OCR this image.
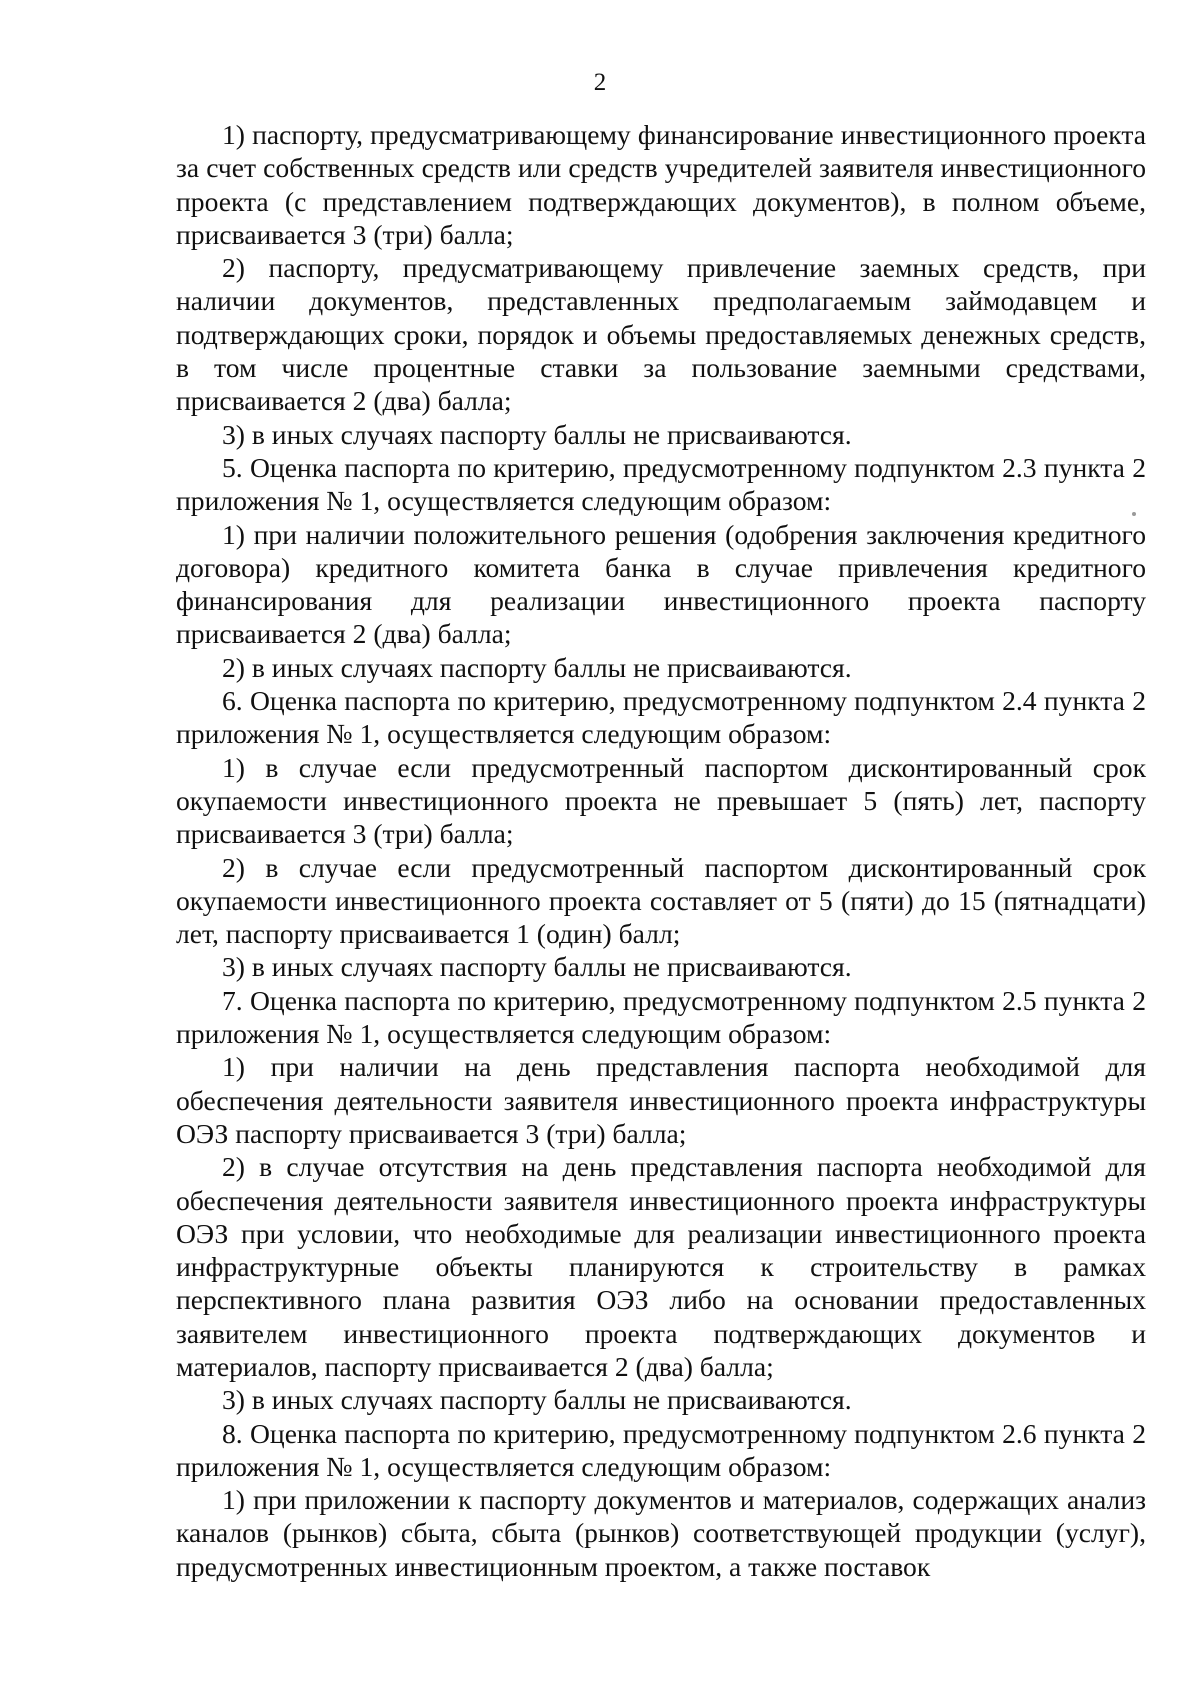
2

1) паспорту, предусматривающему финансирование инвестиционного проекта за счет собственных средств или средств учредителей заявителя инвестиционного проекта (с представлением подтверждающих документов), в полном объеме, присваивается 3 (три) балла;

2) паспорту, предусматривающему привлечение заемных средств, при наличии документов, представленных предполагаемым займодавцем и подтверждающих сроки, порядок и объемы предоставляемых денежных средств, в том числе процентные ставки за пользование заемными средствами, присваивается 2 (два) балла;

3) в иных случаях паспорту баллы не присваиваются.

5. Оценка паспорта по критерию, предусмотренному подпунктом 2.3 пункта 2 приложения № 1, осуществляется следующим образом:

1) при наличии положительного решения (одобрения заключения кредитного договора) кредитного комитета банка в случае привлечения кредитного финансирования для реализации инвестиционного проекта паспорту присваивается 2 (два) балла;

2) в иных случаях паспорту баллы не присваиваются.

6. Оценка паспорта по критерию, предусмотренному подпунктом 2.4 пункта 2 приложения № 1, осуществляется следующим образом:

1) в случае если предусмотренный паспортом дисконтированный срок окупаемости инвестиционного проекта не превышает 5 (пять) лет, паспорту присваивается 3 (три) балла;

2) в случае если предусмотренный паспортом дисконтированный срок окупаемости инвестиционного проекта составляет от 5 (пяти) до 15 (пятнадцати) лет, паспорту присваивается 1 (один) балл;

3) в иных случаях паспорту баллы не присваиваются.

7. Оценка паспорта по критерию, предусмотренному подпунктом 2.5 пункта 2 приложения № 1, осуществляется следующим образом:

1) при наличии на день представления паспорта необходимой для обеспечения деятельности заявителя инвестиционного проекта инфраструктуры ОЭЗ паспорту присваивается 3 (три) балла;

2) в случае отсутствия на день представления паспорта необходимой для обеспечения деятельности заявителя инвестиционного проекта инфраструктуры ОЭЗ при условии, что необходимые для реализации инвестиционного проекта инфраструктурные объекты планируются к строительству в рамках перспективного плана развития ОЭЗ либо на основании предоставленных заявителем инвестиционного проекта подтверждающих документов и материалов, паспорту присваивается 2 (два) балла;

3) в иных случаях паспорту баллы не присваиваются.

8. Оценка паспорта по критерию, предусмотренному подпунктом 2.6 пункта 2 приложения № 1, осуществляется следующим образом:

1) при приложении к паспорту документов и материалов, содержащих анализ каналов (рынков) сбыта, сбыта (рынков) соответствующей продукции (услуг), предусмотренных инвестиционным проектом, а также поставок
